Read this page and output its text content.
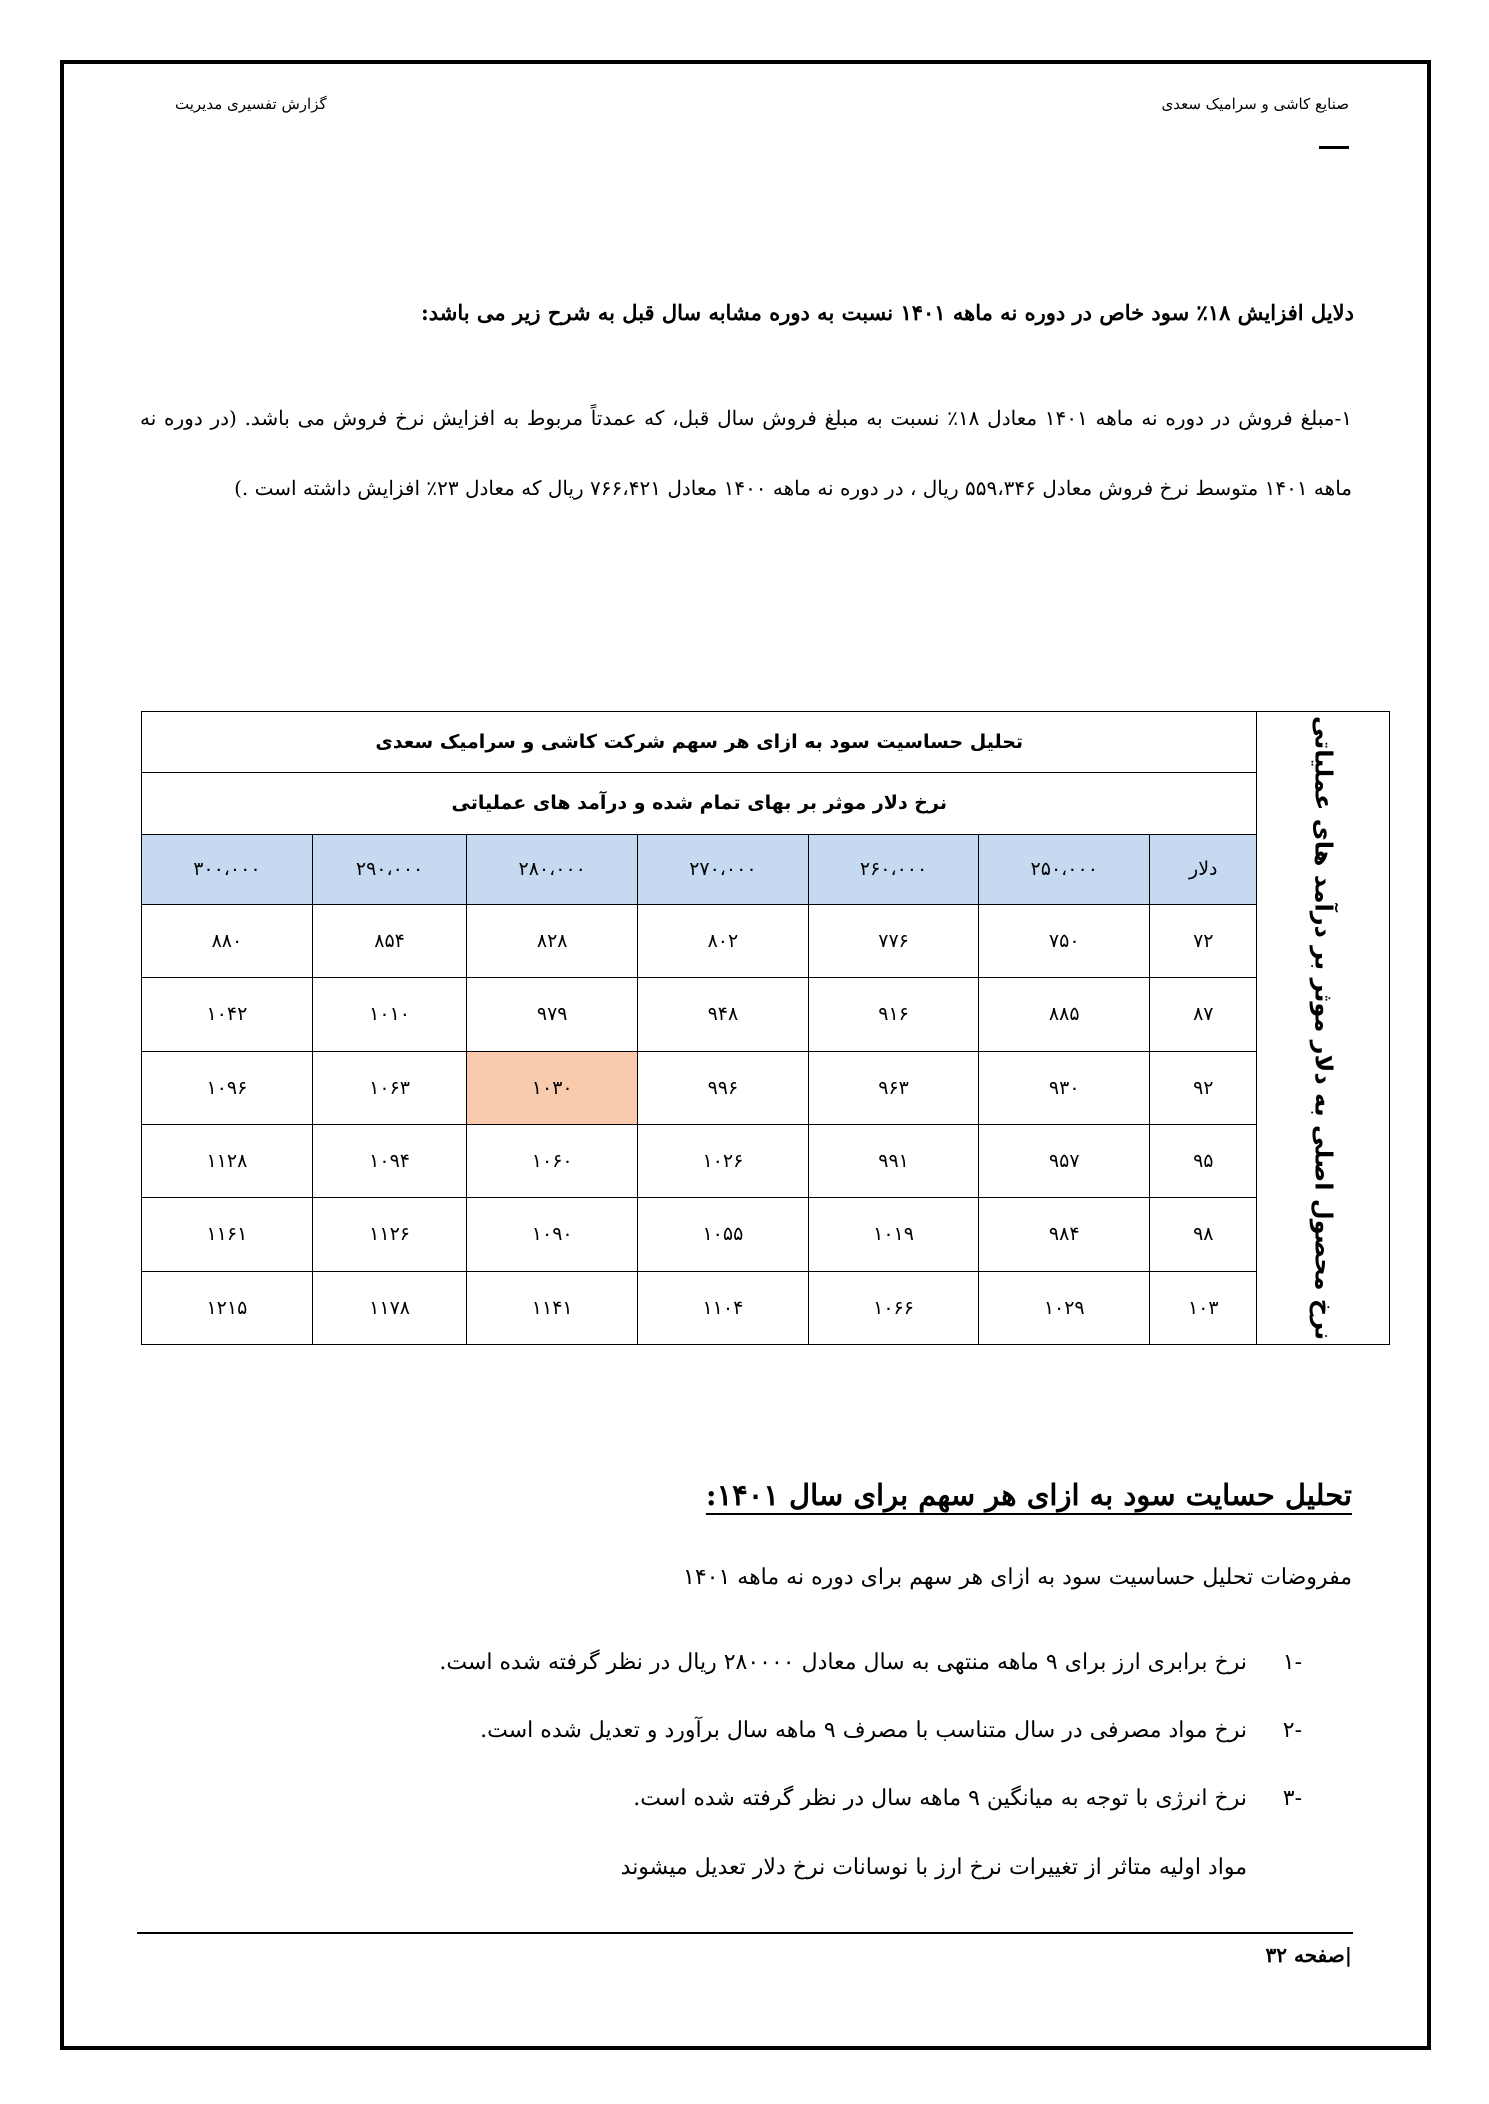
صنایع کاشی و سرامیک سعدی
گزارش تفسیری مدیریت
دلایل افزایش ۱۸٪ سود خاص در دوره نه ماهه ۱۴۰۱ نسبت به دوره مشابه سال قبل به شرح زیر می باشد:

۱-مبلغ فروش در دوره نه ماهه ۱۴۰۱ معادل ۱۸٪ نسبت به مبلغ فروش سال قبل، که عمدتاً مربوط به افزایش نرخ فروش می باشد. (در دوره نه ماهه ۱۴۰۱ متوسط نرخ فروش معادل ۵۵۹،۳۴۶ ریال ، در دوره نه ماهه ۱۴۰۰ معادل ۷۶۶،۴۲۱ ریال که معادل ۲۳٪ افزایش داشته است .)

نرخ محصول اصلی به دلار موثر بر درآمد های عملیاتی	تحلیل حساسیت سود به ازای هر سهم شرکت کاشی و سرامیک سعدی						
	نرخ دلار موثر بر بهای تمام شده و درآمد های عملیاتی						
	دلار	۲۵۰،۰۰۰	۲۶۰،۰۰۰	۲۷۰،۰۰۰	۲۸۰،۰۰۰	۲۹۰،۰۰۰	۳۰۰،۰۰۰
	۷۲	۷۵۰	۷۷۶	۸۰۲	۸۲۸	۸۵۴	۸۸۰
	۸۷	۸۸۵	۹۱۶	۹۴۸	۹۷۹	۱۰۱۰	۱۰۴۲
	۹۲	۹۳۰	۹۶۳	۹۹۶	۱۰۳۰	۱۰۶۳	۱۰۹۶
	۹۵	۹۵۷	۹۹۱	۱۰۲۶	۱۰۶۰	۱۰۹۴	۱۱۲۸
	۹۸	۹۸۴	۱۰۱۹	۱۰۵۵	۱۰۹۰	۱۱۲۶	۱۱۶۱
	۱۰۳	۱۰۲۹	۱۰۶۶	۱۱۰۴	۱۱۴۱	۱۱۷۸	۱۲۱۵
تحلیل حسایت سود به ازای هر سهم برای سال ۱۴۰۱:
مفروضات تحلیل حساسیت سود به ازای هر سهم برای دوره نه ماهه ۱۴۰۱
-۱
نرخ برابری ارز برای ۹ ماهه منتهی به سال معادل ۲۸۰۰۰۰ ریال در نظر گرفته شده است.
-۲
نرخ مواد مصرفی در سال متناسب با مصرف ۹ ماهه سال برآورد و تعدیل شده است.
-۳
نرخ انرژی با توجه به میانگین ۹ ماهه سال در نظر گرفته شده است.
مواد اولیه متاثر از تغییرات نرخ ارز با نوسانات نرخ دلار تعدیل میشوند
|صفحه ۳۲
